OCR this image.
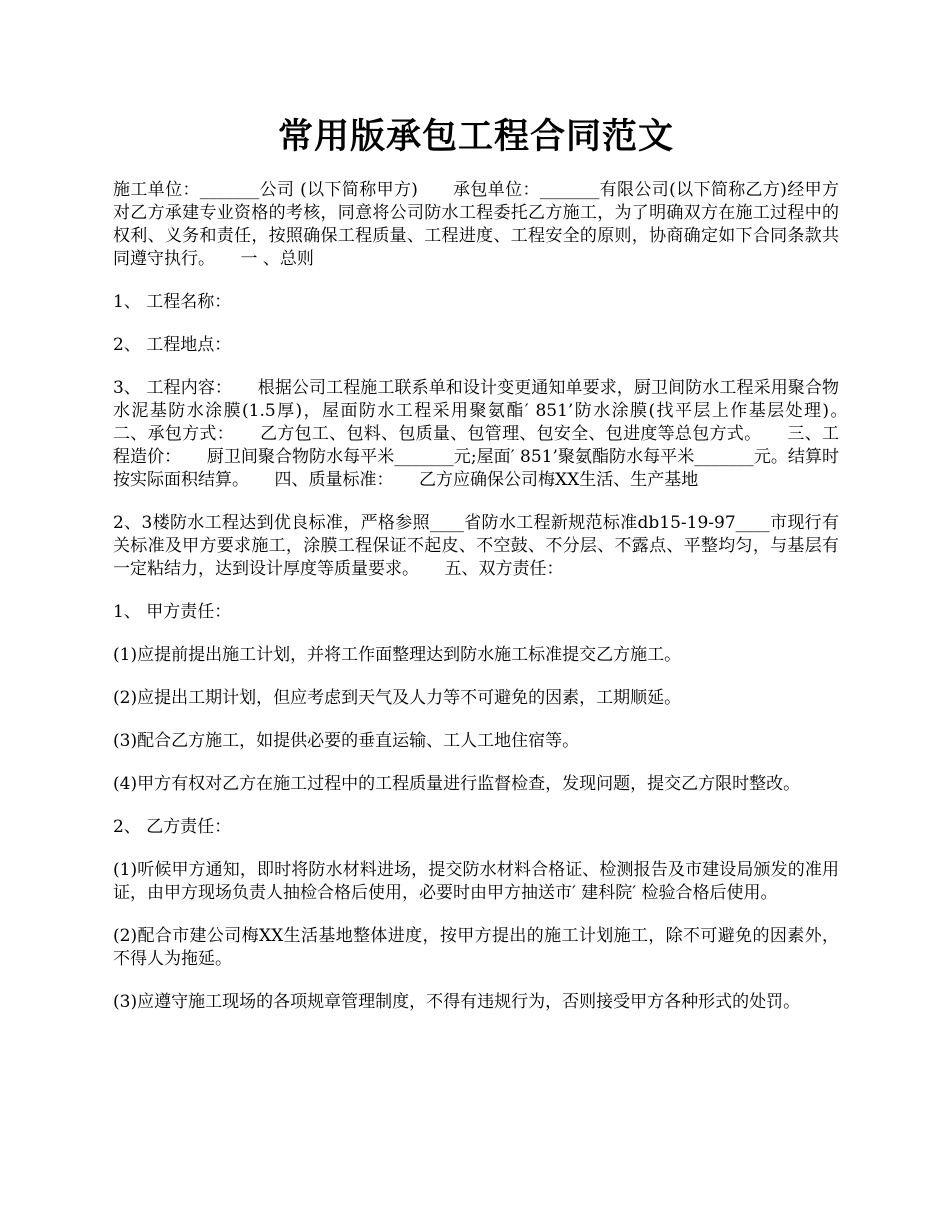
常用版承包工程合同范文

施工单位：_______公司 (以下简称甲方)　　承包单位：_______有限公司(以下简称乙方)经甲方对乙方承建专业资格的考核，同意将公司防水工程委托乙方施工，为了明确双方在施工过程中的权利、义务和责任，按照确保工程质量、工程进度、工程安全的原则，协商确定如下合同条款共同遵守执行。　　一 、总则

1、 工程名称：

2、 工程地点：

3、 工程内容：　　根据公司工程施工联系单和设计变更通知单要求，厨卫间防水工程采用聚合物水泥基防水涂膜(1.5厚)，屋面防水工程采用聚氨酯′ 851’防水涂膜(找平层上作基层处理)。　　二、承包方式：　　乙方包工、包料、包质量、包管理、包安全、包进度等总包方式。　　三、工程造价：　　厨卫间聚合物防水每平米_______元;屋面′ 851’聚氨酯防水每平米_______元。结算时按实际面积结算。　　四、质量标准：　　乙方应确保公司梅XX生活、生产基地

2、3楼防水工程达到优良标准，严格参照____省防水工程新规范标准db15-19-97____市现行有关标准及甲方要求施工，涂膜工程保证不起皮、不空鼓、不分层、不露点、平整均匀，与基层有一定粘结力，达到设计厚度等质量要求。　　五、双方责任：

1、 甲方责任：

(1)应提前提出施工计划，并将工作面整理达到防水施工标准提交乙方施工。

(2)应提出工期计划，但应考虑到天气及人力等不可避免的因素，工期顺延。

(3)配合乙方施工，如提供必要的垂直运输、工人工地住宿等。

(4)甲方有权对乙方在施工过程中的工程质量进行监督检查，发现问题，提交乙方限时整改。

2、 乙方责任：

(1)听候甲方通知，即时将防水材料进场，提交防水材料合格证、检测报告及市建设局颁发的准用证，由甲方现场负责人抽检合格后使用，必要时由甲方抽送市′ 建科院′ 检验合格后使用。

(2)配合市建公司梅XX生活基地整体进度，按甲方提出的施工计划施工，除不可避免的因素外，不得人为拖延。

(3)应遵守施工现场的各项规章管理制度，不得有违规行为，否则接受甲方各种形式的处罚。
